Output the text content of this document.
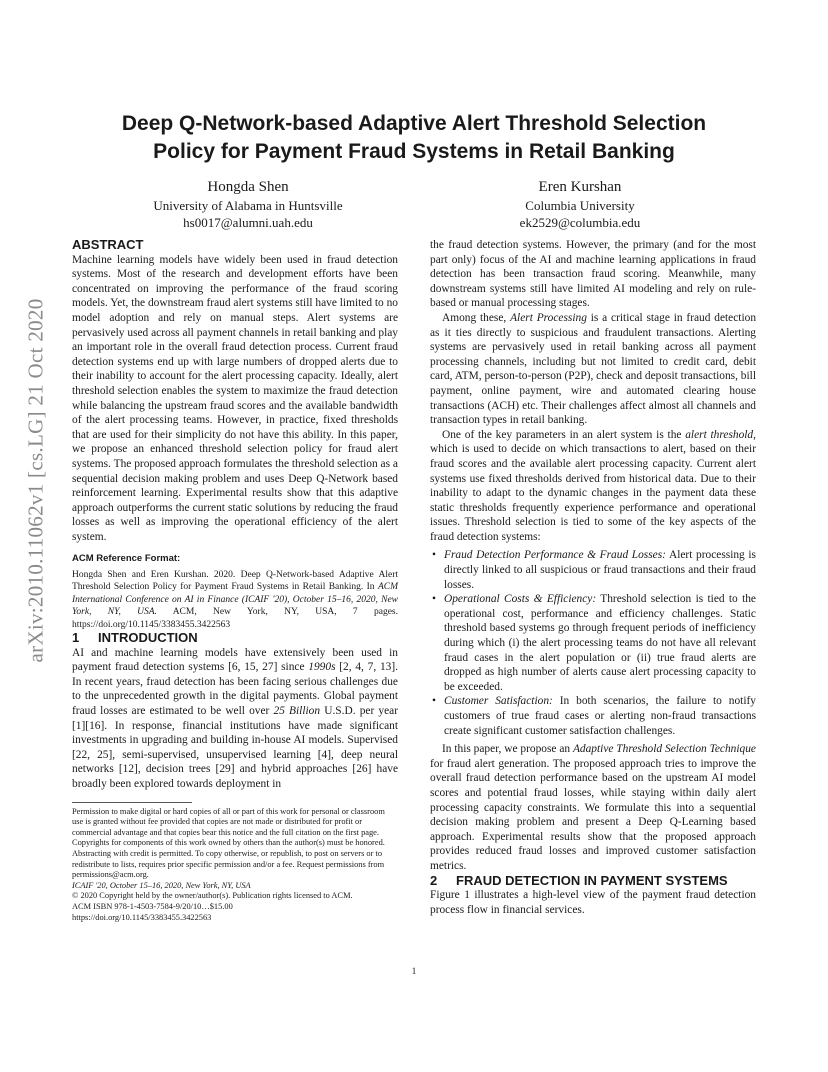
Deep Q-Network-based Adaptive Alert Threshold Selection
Policy for Payment Fraud Systems in Retail Banking
Hongda Shen
University of Alabama in Huntsville
hs0017@alumni.uah.edu
Eren Kurshan
Columbia University
ek2529@columbia.edu
arXiv:2010.11062v1 [cs.LG] 21 Oct 2020

ABSTRACT

Machine learning models have widely been used in fraud detection systems. Most of the research and development efforts have been concentrated on improving the performance of the fraud scoring models. Yet, the downstream fraud alert systems still have limited to no model adoption and rely on manual steps. Alert systems are pervasively used across all payment channels in retail banking and play an important role in the overall fraud detection process. Current fraud detection systems end up with large numbers of dropped alerts due to their inability to account for the alert processing capacity. Ideally, alert threshold selection enables the system to maximize the fraud detection while balancing the upstream fraud scores and the available bandwidth of the alert processing teams. However, in practice, fixed thresholds that are used for their simplicity do not have this ability. In this paper, we propose an enhanced threshold selection policy for fraud alert systems. The proposed approach formulates the threshold selection as a sequential decision making problem and uses Deep Q-Network based reinforcement learning. Experimental results show that this adaptive approach outperforms the current static solutions by reducing the fraud losses as well as improving the operational efficiency of the alert system.

ACM Reference Format:
Hongda Shen and Eren Kurshan. 2020. Deep Q-Network-based Adaptive Alert Threshold Selection Policy for Payment Fraud Systems in Retail Banking. In ACM International Conference on AI in Finance (ICAIF '20), October 15–16, 2020, New York, NY, USA. ACM, New York, NY, USA, 7 pages. https://doi.org/10.1145/3383455.3422563

1 INTRODUCTION

AI and machine learning models have extensively been used in payment fraud detection systems [6, 15, 27] since 1990s [2, 4, 7, 13]. In recent years, fraud detection has been facing serious challenges due to the unprecedented growth in the digital payments. Global payment fraud losses are estimated to be well over 25 Billion U.S.D. per year [1][16]. In response, financial institutions have made significant investments in upgrading and building in-house AI models. Supervised [22, 25], semi-supervised, unsupervised learning [4], deep neural networks [12], decision trees [29] and hybrid approaches [26] have broadly been explored towards deployment in

Permission to make digital or hard copies of all or part of this work for personal or classroom use is granted without fee provided that copies are not made or distributed for profit or commercial advantage and that copies bear this notice and the full citation on the first page. Copyrights for components of this work owned by others than the author(s) must be honored. Abstracting with credit is permitted. To copy otherwise, or republish, to post on servers or to redistribute to lists, requires prior specific permission and/or a fee. Request permissions from permissions@acm.org.

ICAIF '20, October 15–16, 2020, New York, NY, USA

© 2020 Copyright held by the owner/author(s). Publication rights licensed to ACM.

ACM ISBN 978-1-4503-7584-9/20/10…$15.00

https://doi.org/10.1145/3383455.3422563

the fraud detection systems. However, the primary (and for the most part only) focus of the AI and machine learning applications in fraud detection has been transaction fraud scoring. Meanwhile, many downstream systems still have limited AI modeling and rely on rule-based or manual processing stages.

Among these, Alert Processing is a critical stage in fraud detection as it ties directly to suspicious and fraudulent transactions. Alerting systems are pervasively used in retail banking across all payment processing channels, including but not limited to credit card, debit card, ATM, person-to-person (P2P), check and deposit transactions, bill payment, online payment, wire and automated clearing house transactions (ACH) etc. Their challenges affect almost all channels and transaction types in retail banking.

One of the key parameters in an alert system is the alert threshold, which is used to decide on which transactions to alert, based on their fraud scores and the available alert processing capacity. Current alert systems use fixed thresholds derived from historical data. Due to their inability to adapt to the dynamic changes in the payment data these static thresholds frequently experience performance and operational issues. Threshold selection is tied to some of the key aspects of the fraud detection systems:

• Fraud Detection Performance & Fraud Losses: Alert processing is directly linked to all suspicious or fraud transactions and their fraud losses.
• Operational Costs & Efficiency: Threshold selection is tied to the operational cost, performance and efficiency challenges. Static threshold based systems go through frequent periods of inefficiency during which (i) the alert processing teams do not have all relevant fraud cases in the alert population or (ii) true fraud alerts are dropped as high number of alerts cause alert processing capacity to be exceeded.
• Customer Satisfaction: In both scenarios, the failure to notify customers of true fraud cases or alerting non-fraud transactions create significant customer satisfaction challenges.

In this paper, we propose an Adaptive Threshold Selection Technique for fraud alert generation. The proposed approach tries to improve the overall fraud detection performance based on the upstream AI model scores and potential fraud losses, while staying within daily alert processing capacity constraints. We formulate this into a sequential decision making problem and present a Deep Q-Learning based approach. Experimental results show that the proposed approach provides reduced fraud losses and improved customer satisfaction metrics.

2 FRAUD DETECTION IN PAYMENT SYSTEMS

Figure 1 illustrates a high-level view of the payment fraud detection process flow in financial services.

1
